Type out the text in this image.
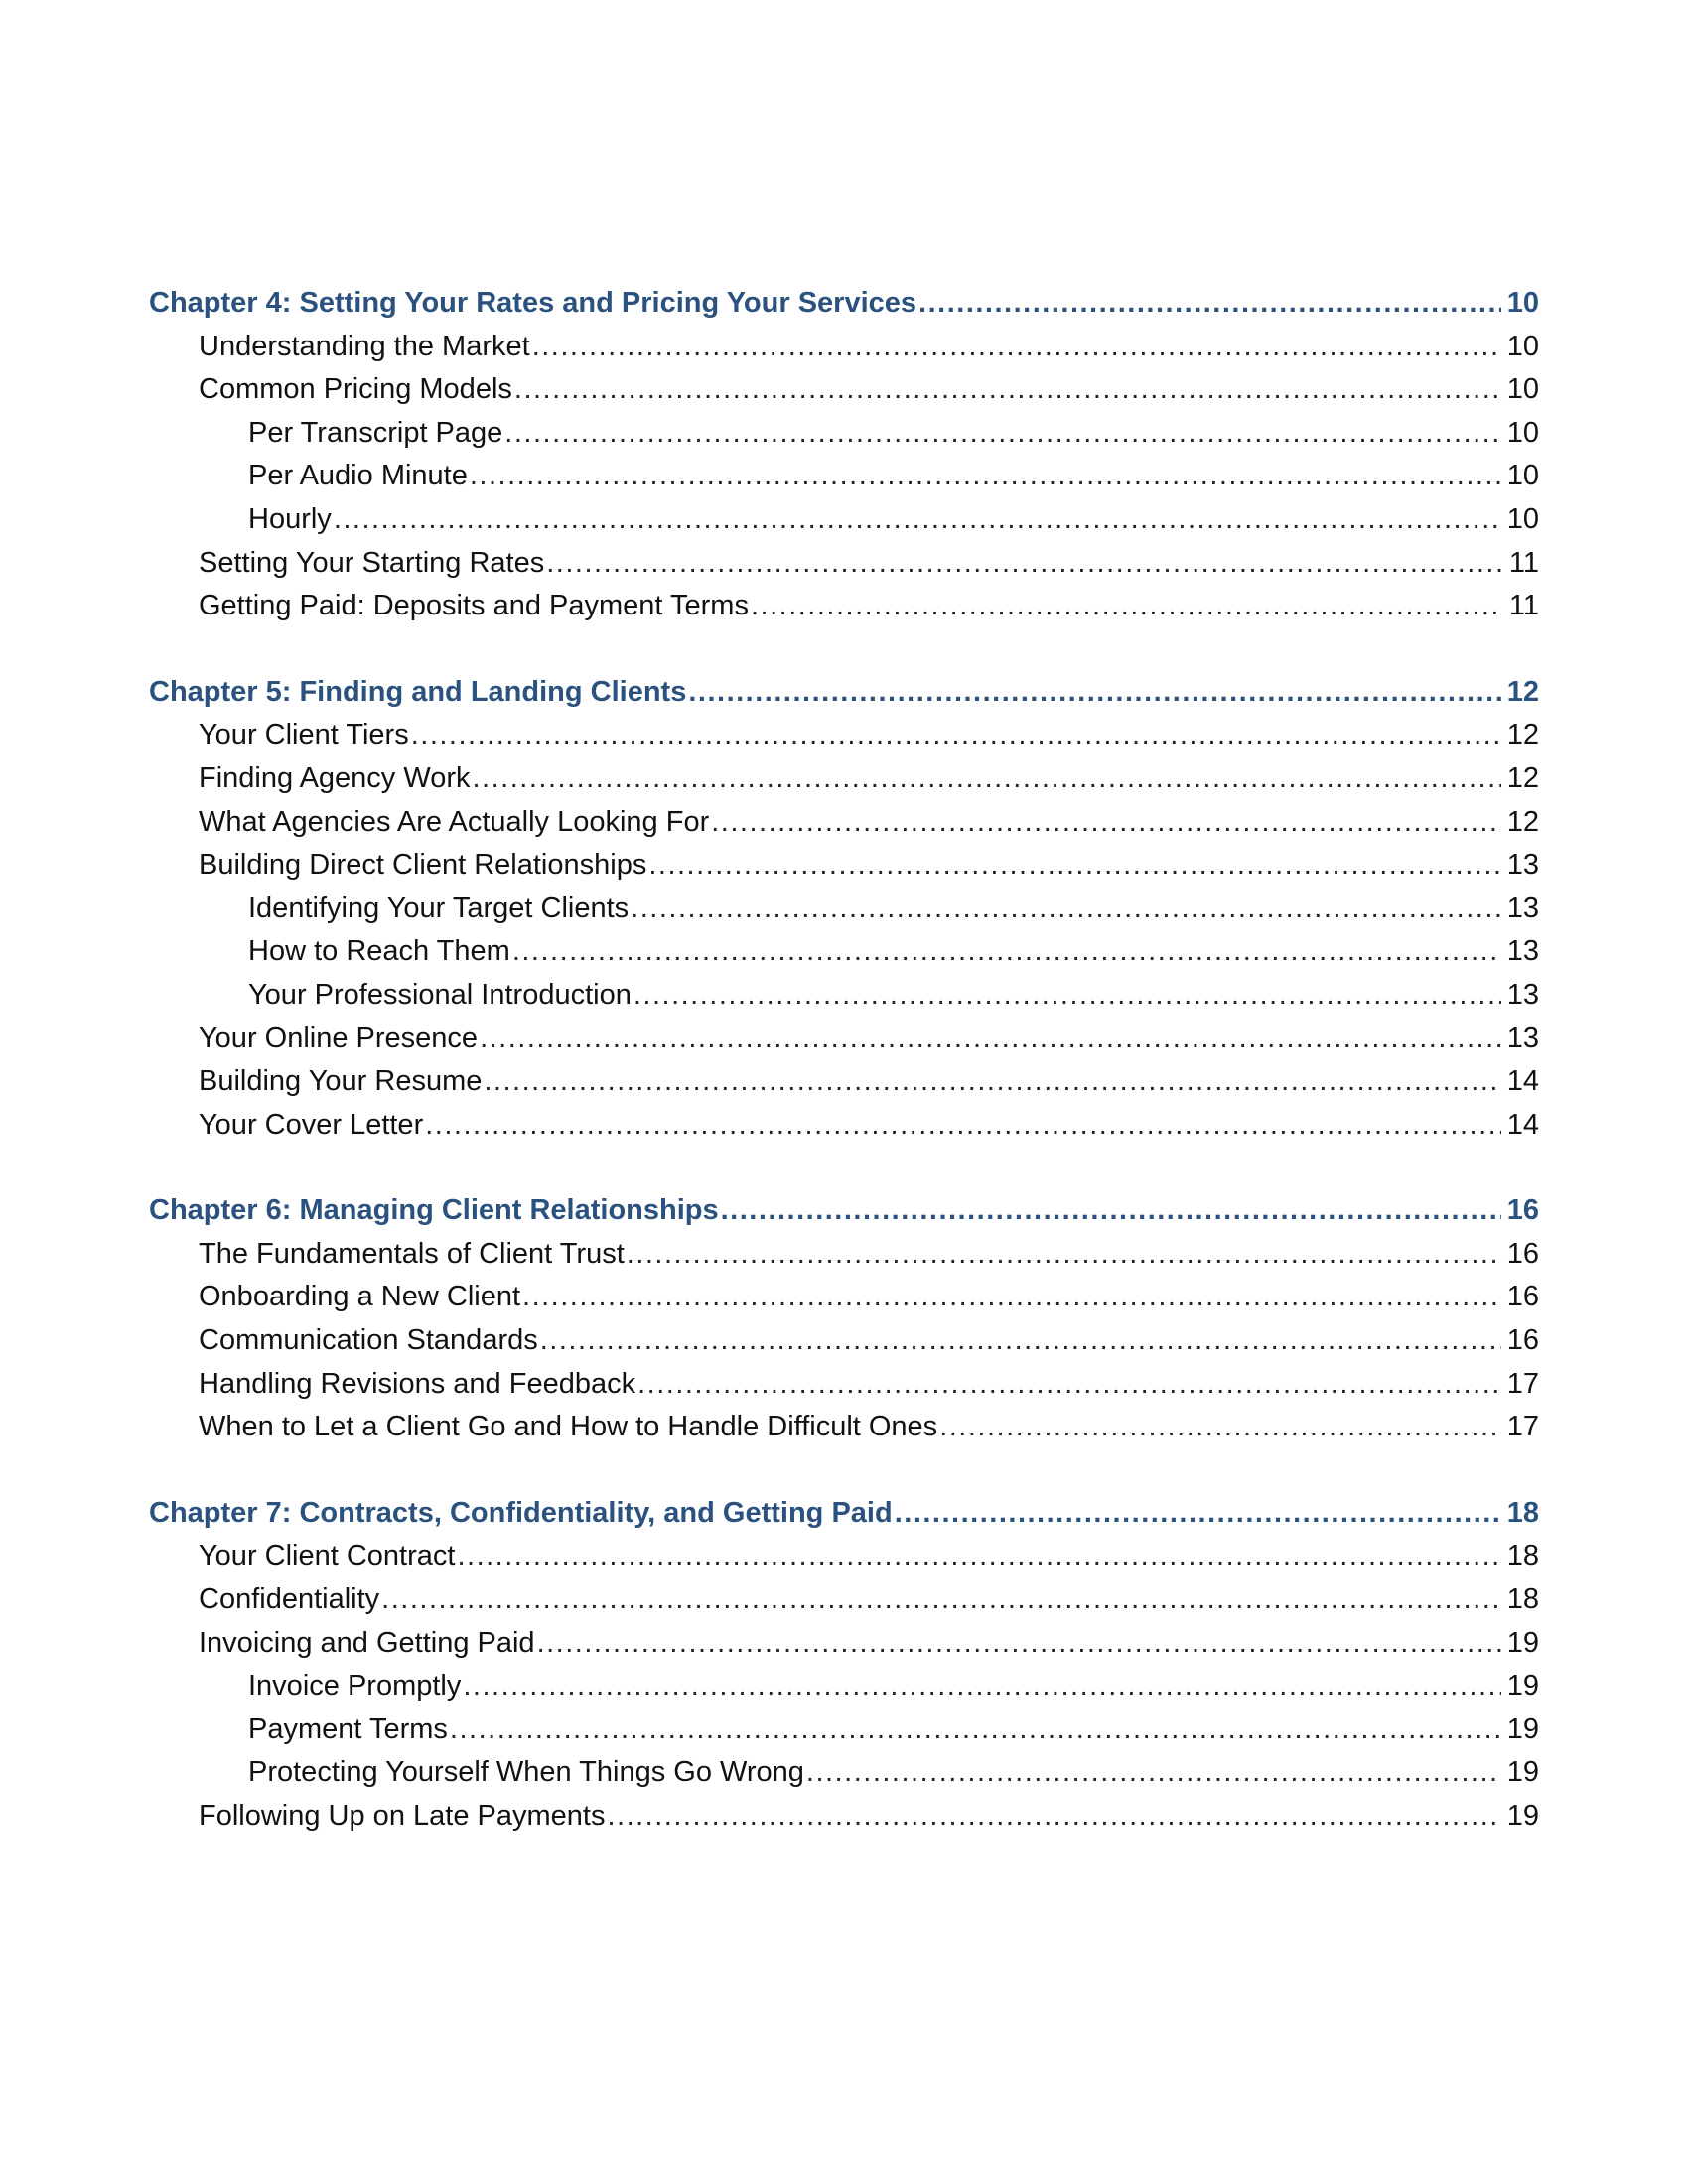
Chapter 4: Setting Your Rates and Pricing Your Services .....	10
Understanding the Market .....	10
Common Pricing Models .....	10
Per Transcript Page .....	10
Per Audio Minute .....	10
Hourly .....	10
Setting Your Starting Rates .....	11
Getting Paid: Deposits and Payment Terms .....	11
Chapter 5: Finding and Landing Clients .....	12
Your Client Tiers .....	12
Finding Agency Work .....	12
What Agencies Are Actually Looking For .....	12
Building Direct Client Relationships .....	13
Identifying Your Target Clients .....	13
How to Reach Them .....	13
Your Professional Introduction .....	13
Your Online Presence .....	13
Building Your Resume .....	14
Your Cover Letter .....	14
Chapter 6: Managing Client Relationships .....	16
The Fundamentals of Client Trust .....	16
Onboarding a New Client .....	16
Communication Standards .....	16
Handling Revisions and Feedback .....	17
When to Let a Client Go and How to Handle Difficult Ones .....	17
Chapter 7: Contracts, Confidentiality, and Getting Paid .....	18
Your Client Contract .....	18
Confidentiality .....	18
Invoicing and Getting Paid .....	19
Invoice Promptly .....	19
Payment Terms .....	19
Protecting Yourself When Things Go Wrong .....	19
Following Up on Late Payments .....	19
